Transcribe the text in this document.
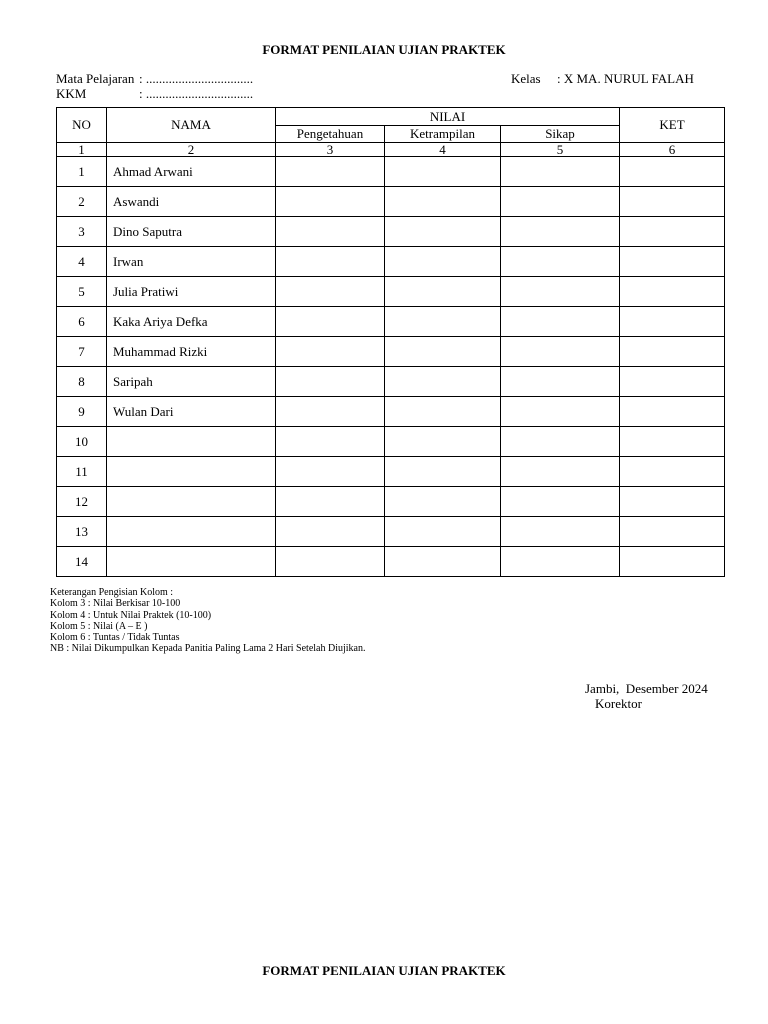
FORMAT PENILAIAN UJIAN PRAKTEK
Mata Pelajaran : .................................
KKM	: .................................
Kelas : X MA. NURUL FALAH
NO	NAMA	NILAI			KET
		Pengetahuan	Ketrampilan	Sikap	
1	2	3	4	5	6
1	Ahmad Arwani				
2	Aswandi				
3	Dino Saputra				
4	Irwan				
5	Julia Pratiwi				
6	Kaka Ariya Defka				
7	Muhammad Rizki				
8	Saripah				
9	Wulan Dari				
10					
11					
12					
13					
14					
Keterangan Pengisian Kolom :
Kolom 3 : Nilai Berkisar 10-100
Kolom 4 : Untuk Nilai Praktek (10-100)
Kolom 5 : Nilai (A – E )
Kolom 6 : Tuntas / Tidak Tuntas
NB : Nilai Dikumpulkan Kepada Panitia Paling Lama 2 Hari Setelah Diujikan.
Jambi,  Desember 2024
Korektor
FORMAT PENILAIAN UJIAN PRAKTEK
